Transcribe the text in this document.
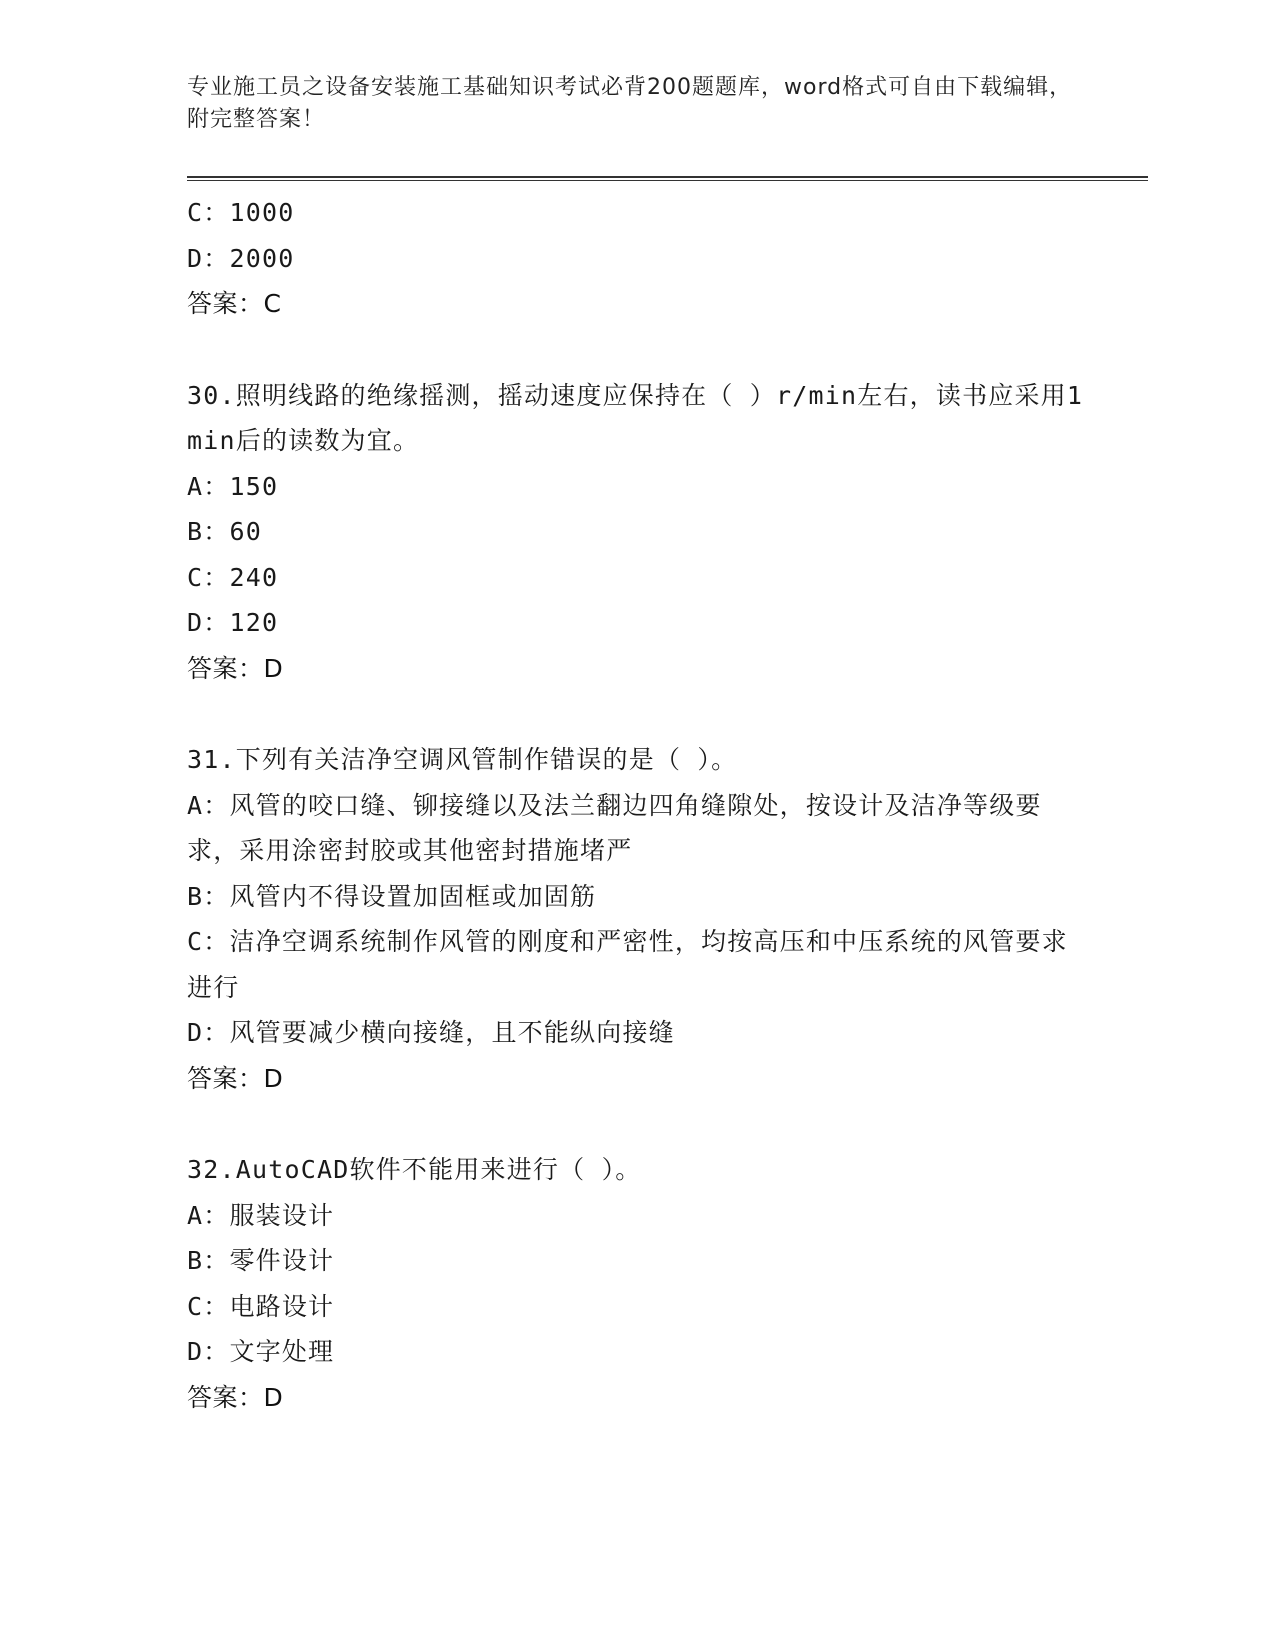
专业施工员之设备安装施工基础知识考试必背200题题库，word格式可自由下载编辑，附完整答案！
C：1000
D：2000
答案：C
30.照明线路的绝缘摇测，摇动速度应保持在（ ）r/min左右，读书应采用1min后的读数为宜。
A：150
B：60
C：240
D：120
答案：D
31.下列有关洁净空调风管制作错误的是（ ）。
A：风管的咬口缝、铆接缝以及法兰翻边四角缝隙处，按设计及洁净等级要求，采用涂密封胶或其他密封措施堵严
B：风管内不得设置加固框或加固筋
C：洁净空调系统制作风管的刚度和严密性，均按高压和中压系统的风管要求进行
D：风管要减少横向接缝，且不能纵向接缝
答案：D
32.AutoCAD软件不能用来进行（ ）。
A：服装设计
B：零件设计
C：电路设计
D：文字处理
答案：D
